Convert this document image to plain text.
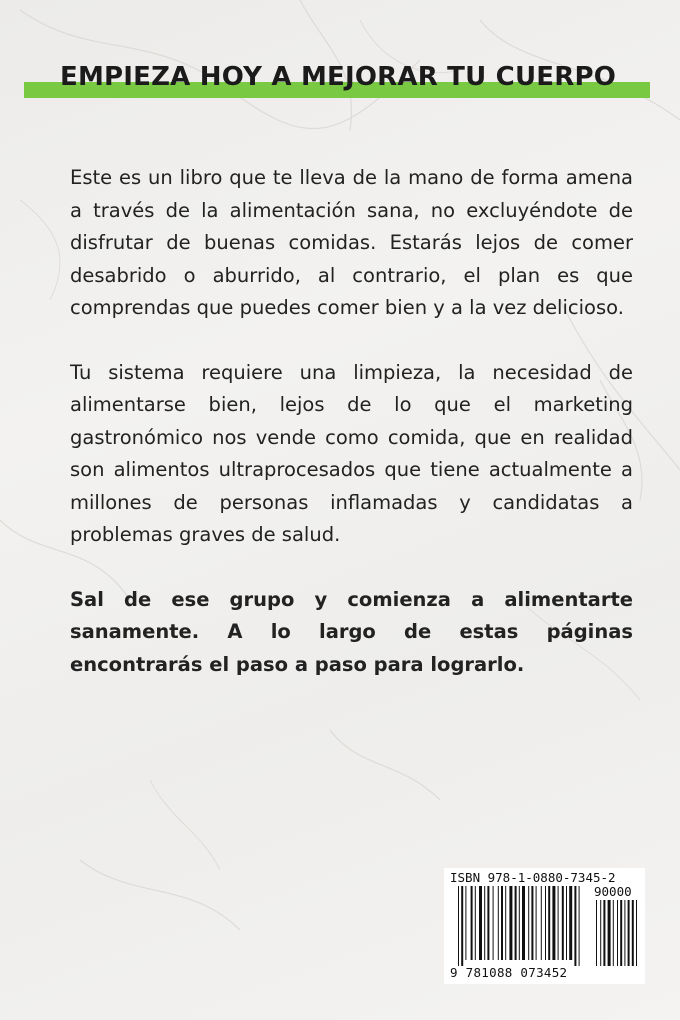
EMPIEZA HOY A MEJORAR TU CUERPO

Este es un libro que te lleva de la mano de forma amena a través de la alimentación sana, no excluyéndote de disfrutar de buenas comidas. Estarás lejos de comer desabrido o aburrido, al contrario, el plan es que comprendas que puedes comer bien y a la vez delicioso.

Tu sistema requiere una limpieza, la necesidad de alimentarse bien, lejos de lo que el marketing gastronómico nos vende como comida, que en realidad son alimentos ultraprocesados que tiene actualmente a millones de personas inflamadas y candidatas a problemas graves de salud.

Sal de ese grupo y comienza a alimentarte sanamente. A lo largo de estas páginas encontrarás el paso a paso para lograrlo.

ISBN 978-1-0880-7345-2
90000
9 781088 073452
